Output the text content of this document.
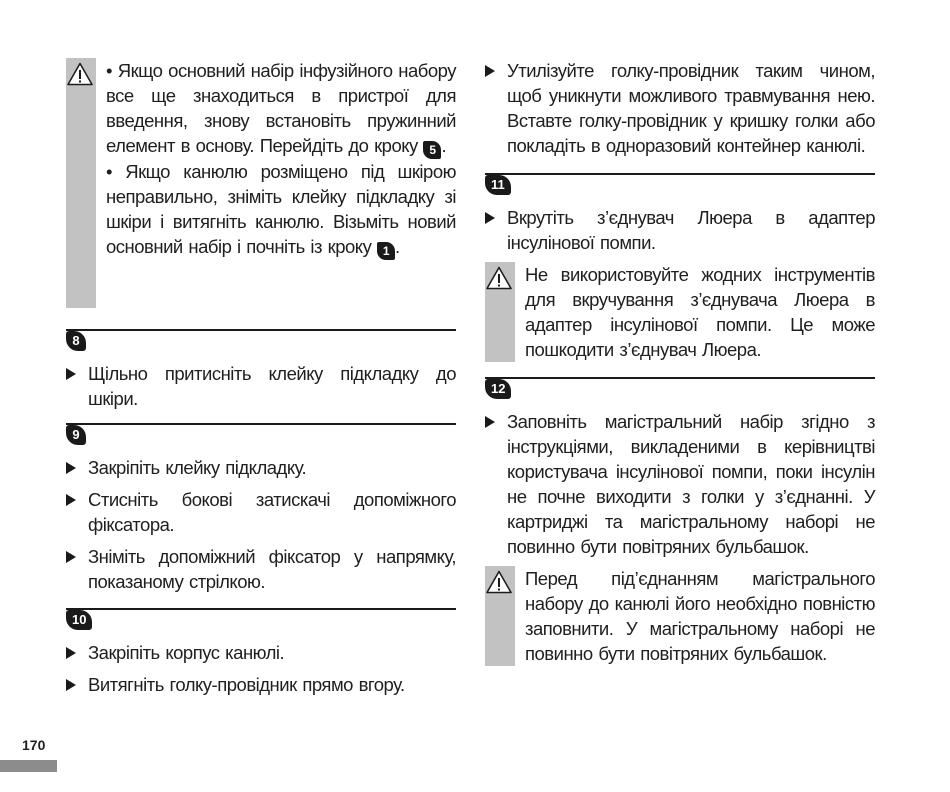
• Якщо основний набір інфузійного набору все ще знаходиться в пристрої для введення, знову встановіть пружинний елемент в основу. Перейдіть до кроку 5 .

• Якщо канюлю розміщено під шкірою неправильно, зніміть клейку підкладку зі шкіри і витягніть канюлю. Візьміть новий основний набір і почніть із кроку 1 .

8

Щільно притисніть клейку підкладку до шкіри.

9

Закріпіть клейку підкладку.

Стисніть бокові затискачі допоміжного фіксатора.

Зніміть допоміжний фіксатор у напрямку, показаному стрілкою.

10

Закріпіть корпус канюлі.

Витягніть голку-провідник прямо вгору.

Утилізуйте голку-провідник таким чином, щоб уникнути можливого травмування нею. Вставте голку-провідник у кришку голки або покладіть в одноразовий контейнер канюлі.

11

Вкрутіть з’єднувач Люера в адаптер інсулінової помпи.

Не використовуйте жодних інструментів для вкручування з’єднувача Люера в адаптер інсулінової помпи. Це може пошкодити з’єднувач Люера.

12

Заповніть магістральний набір згідно з інструкціями, викладеними в керівництві користувача інсулінової помпи, поки інсулін не почне виходити з голки у з’єднанні. У картриджі та магістральному наборі не повинно бути повітряних бульбашок.

Перед під’єднанням магістрального набору до канюлі його необхідно повністю заповнити. У магістральному наборі не повинно бути повітряних бульбашок.

170
